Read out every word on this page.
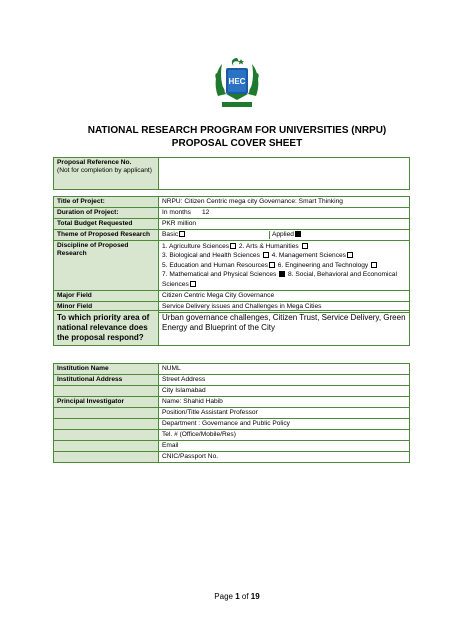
HEC
NATIONAL RESEARCH PROGRAM FOR UNIVERSITIES (NRPU)
PROPOSAL COVER SHEET
Proposal Reference No.
(Not for completion by applicant)	
Title of Project:	NRPU: Citizen Centric mega city Governance: Smart Thinking
Duration of Project:	In months 12
Total Budget Requested	PKR million
Theme of Proposed Research	Basic Applied
Discipline of Proposed Research	1. Agriculture Sciences 2. Arts & Humanities
3. Biological and Health Sciences 4. Management Sciences
5. Education and Human Resources 6. Engineering and Technology
7. Mathematical and Physical Sciences 8. Social, Behavioral and Economical
Sciences
Major Field	Citizen Centric Mega City Governance
Minor Field	Service Delivery issues and Challenges in Mega Cities
To which priority area of national relevance does the proposal respond?	Urban governance challenges, Citizen Trust, Service Delivery, Green Energy and Blueprint of the City
Institution Name	NUML
Institutional Address	Street Address
	City Islamabad
Principal Investigator	Name: Shahid Habib
	Position/Title Assistant Professor
	Department : Governance and Public Policy
	Tel. # (Office/Mobile/Res)
	Email
	CNIC/Passport No.
Page 1 of 19
